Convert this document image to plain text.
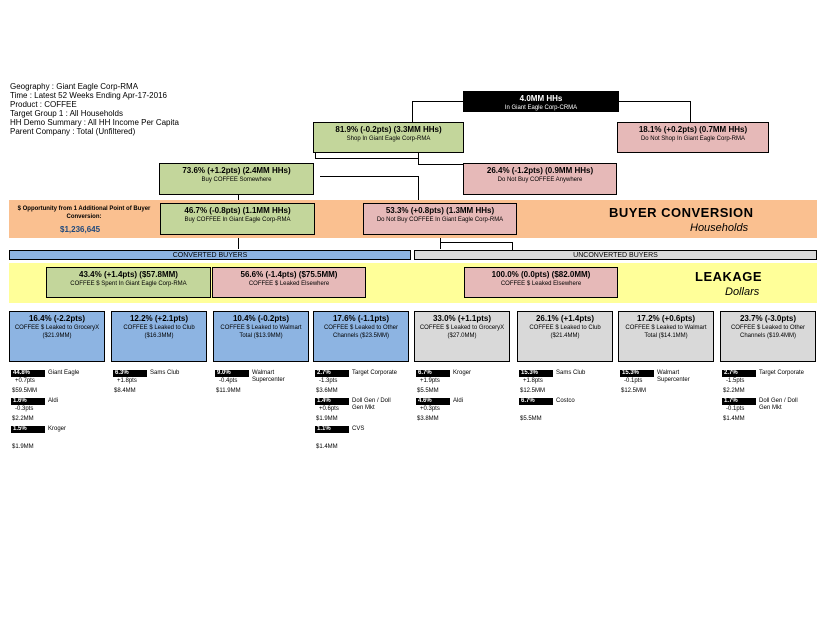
Geography : Giant Eagle Corp-RMA
Time : Latest 52 Weeks Ending Apr-17-2016
Product : COFFEE
Target Group 1 : All Households
HH Demo Summary : All HH Income Per Capita
Parent Company : Total (Unfiltered)
4.0MM HHs
In Giant Eagle Corp-CRMA
81.9% (-0.2pts) (3.3MM HHs)
Shop In Giant Eagle Corp-RMA
18.1% (+0.2pts) (0.7MM HHs)
Do Not Shop In Giant Eagle Corp-RMA
73.6% (+1.2pts) (2.4MM HHs)
Buy COFFEE Somewhere
26.4% (-1.2pts) (0.9MM HHs)
Do Not Buy COFFEE Anywhere
$ Opportunity from 1 Additional Point of Buyer Conversion:
$1,236,645
46.7% (-0.8pts) (1.1MM HHs)
Buy COFFEE In Giant Eagle Corp-RMA
53.3% (+0.8pts) (1.3MM HHs)
Do Not Buy COFFEE In Giant Eagle Corp-RMA	BUYER CONVERSION
Households
CONVERTED BUYERS	UNCONVERTED BUYERS
43.4% (+1.4pts) ($57.8MM)
COFFEE $ Spent In Giant Eagle Corp-RMA
56.6% (-1.4pts) ($75.5MM)
COFFEE $ Leaked Elsewhere
100.0% (0.0pts) ($82.0MM)
COFFEE $ Leaked Elsewhere	LEAKAGE
Dollars
16.4% (-2.2pts)
COFFEE $ Leaked to GroceryX ($21.9MM)
12.2% (+2.1pts)
COFFEE $ Leaked to Club ($16.3MM)
10.4% (-0.2pts)
COFFEE $ Leaked to Walmart Total ($13.9MM)
17.6% (-1.1pts)
COFFEE $ Leaked to Other Channels ($23.5MM)
33.0% (+1.1pts)
COFFEE $ Leaked to GroceryX ($27.0MM)
26.1% (+1.4pts)
COFFEE $ Leaked to Club ($21.4MM)
17.2% (+0.6pts)
COFFEE $ Leaked to Walmart Total ($14.1MM)
23.7% (-3.0pts)
COFFEE $ Leaked to Other Channels ($19.4MM)
44.8%	Giant Eagle
+0.7pts
$59.5MM
1.6%	Aldi
-0.3pts
$2.2MM
1.5%	Kroger
$1.9MM
6.3%	Sams Club
+1.8pts
$8.4MM
9.0%	Walmart Supercenter
-0.4pts
$11.9MM
2.7%	Target Corporate
-1.3pts
$3.6MM
1.4%	Doll Gen / Doll Gen Mkt
+0.6pts
$1.9MM
1.1%	CVS
$1.4MM
6.7%	Kroger
+1.9pts
$5.5MM
4.6%	Aldi
+0.3pts
$3.8MM
15.3%	Sams Club
+1.8pts
$12.5MM
6.7%	Costco
$5.5MM
15.3%	Walmart Supercenter
-0.1pts
$12.5MM
2.7%	Target Corporate
-1.5pts
$2.2MM
1.7%	Doll Gen / Doll Gen Mkt
-0.1pts
$1.4MM
